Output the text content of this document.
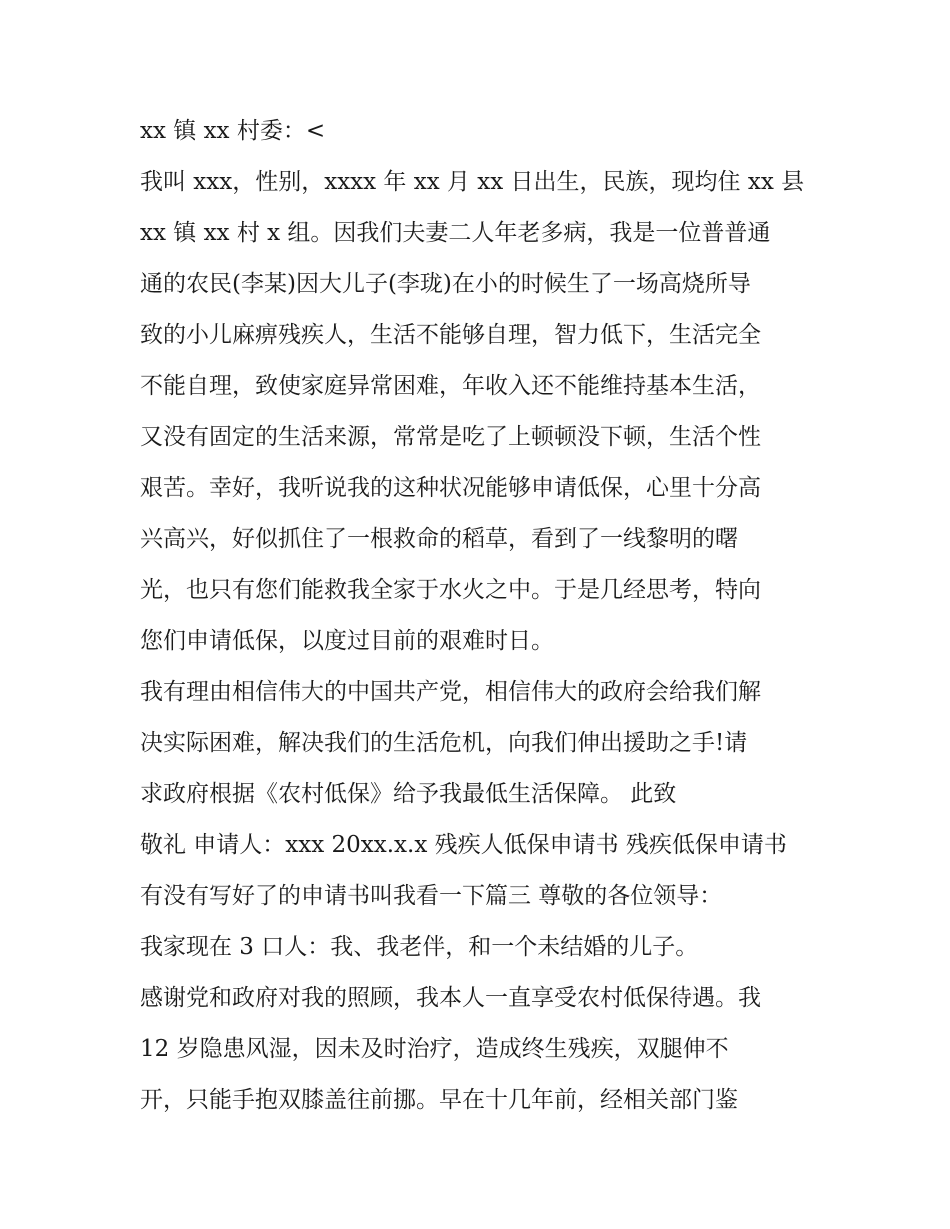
xx 镇 xx 村委：<
我叫 xxx，性别，xxxx 年 xx 月 xx 日出生，民族，现均住 xx 县
xx 镇 xx 村 x 组。因我们夫妻二人年老多病，我是一位普普通
通的农民(李某)因大儿子(李珑)在小的时候生了一场高烧所导
致的小儿麻痹残疾人，生活不能够自理，智力低下，生活完全
不能自理，致使家庭异常困难，年收入还不能维持基本生活，
又没有固定的生活来源，常常是吃了上顿顿没下顿，生活个性
艰苦。幸好，我听说我的这种状况能够申请低保，心里十分高
兴高兴，好似抓住了一根救命的稻草，看到了一线黎明的曙
光，也只有您们能救我全家于水火之中。于是几经思考，特向
您们申请低保，以度过目前的艰难时日。
我有理由相信伟大的中国共产党，相信伟大的政府会给我们解
决实际困难，解决我们的生活危机，向我们伸出援助之手!请
求政府根据《农村低保》给予我最低生活保障。 此致
敬礼 申请人：xxx 20xx.x.x 残疾人低保申请书 残疾低保申请书
有没有写好了的申请书叫我看一下篇三 尊敬的各位领导：
我家现在 3 口人：我、我老伴，和一个未结婚的儿子。
感谢党和政府对我的照顾，我本人一直享受农村低保待遇。我
12 岁隐患风湿，因未及时治疗，造成终生残疾，双腿伸不
开，只能手抱双膝盖往前挪。早在十几年前，经相关部门鉴
